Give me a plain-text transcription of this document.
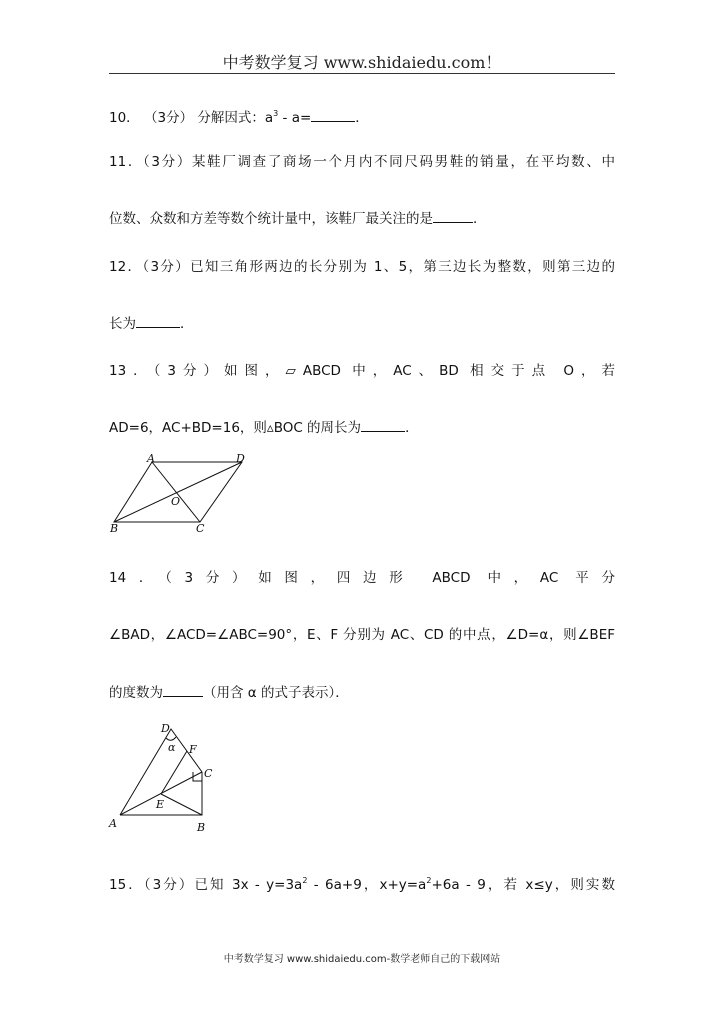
中考数学复习 www.shidaiedu.com！
10． （3分） 分解因式：$a^3 - a=$	．
11．（3分）某鞋厂调查了商场一个月内不同尺码男鞋的销量，在平均数、中
位数、众数和方差等数个统计量中，该鞋厂最关注的是	．
12．（3分）已知三角形两边的长分别为 1、5，第三边长为整数，则第三边的
长为	．
13．（3分）如图，▱ABCD 中，AC、BD 相交于点 O，若
AD=6，AC+BD=16，则▵BOC 的周长为	．
A	D
O
B	C
14．（3分）如图，四边形 ABCD 中，AC 平分
∠BAD，∠ACD=∠ABC=90°，E、F 分别为 AC、CD 的中点，∠D=α，则∠BEF
的度数为	（用含 α 的式子表示）．
D
α F
C
E
A	B
15．（3分）已知 $3x - y=3a^2 - 6a+9$，$x+y=a^2+6a - 9$，若 x≤y，则实数
中考数学复习 www.shidaiedu.com-数学老师自己的下载网站
